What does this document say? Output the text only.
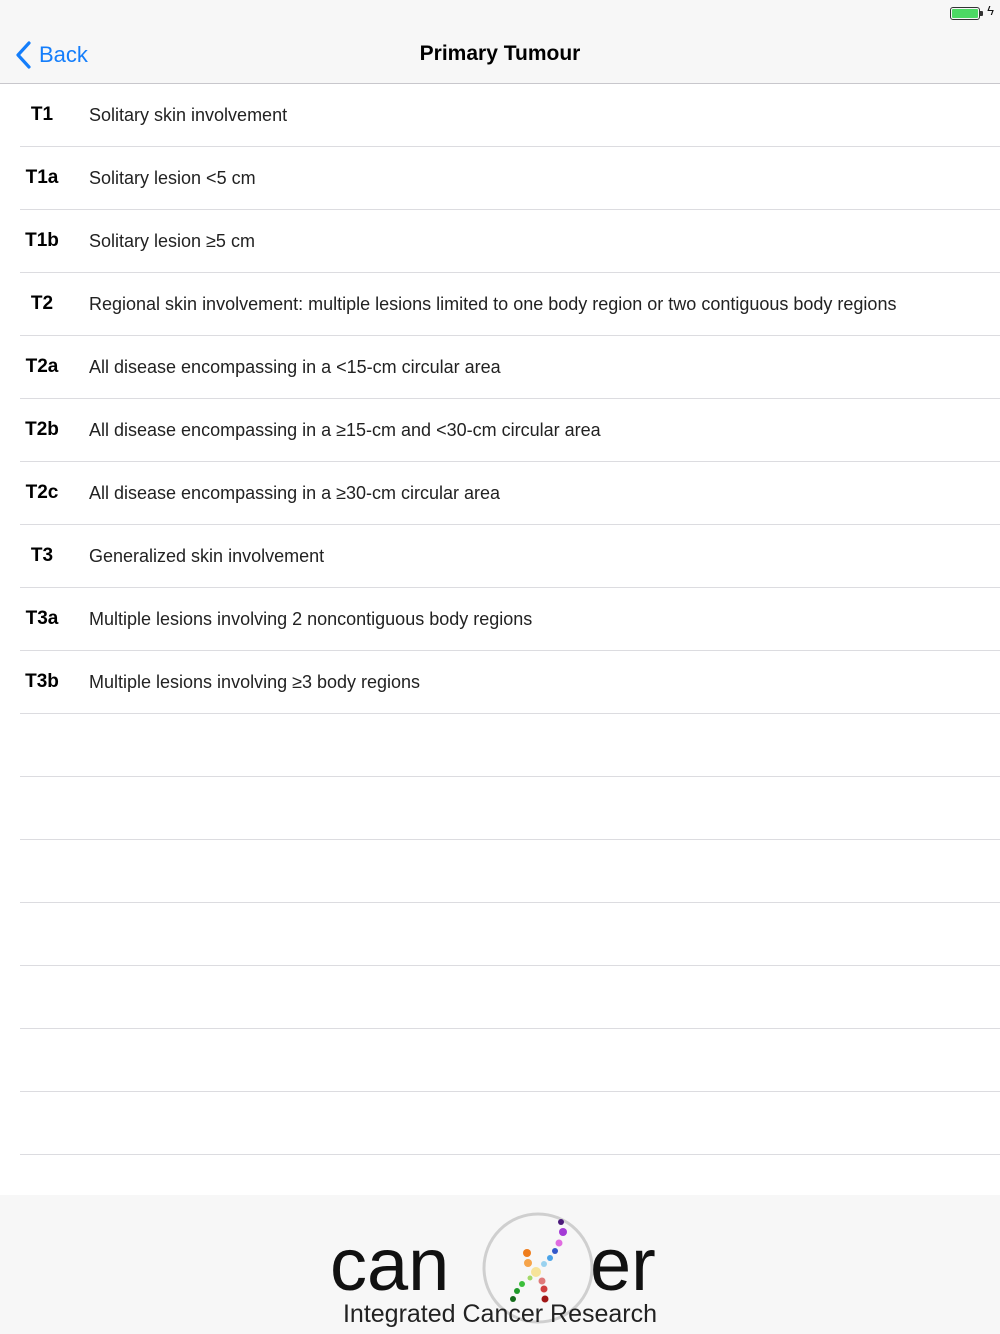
ϟ
Back	Primary Tumour
T1	Solitary skin involvement
T1a	Solitary lesion <5 cm
T1b Solitary lesion ≥5 cm
T2	Regional skin involvement: multiple lesions limited to one body region or two contiguous body regions
T2a	All disease encompassing in a <15-cm circular area
T2b All disease encompassing in a ≥15-cm and <30-cm circular area
T2c	All disease encompassing in a ≥30-cm circular area
T3	Generalized skin involvement
T3a	Multiple lesions involving 2 noncontiguous body regions
T3b Multiple lesions involving ≥3 body regions
can er
Integrated Cancer Research
